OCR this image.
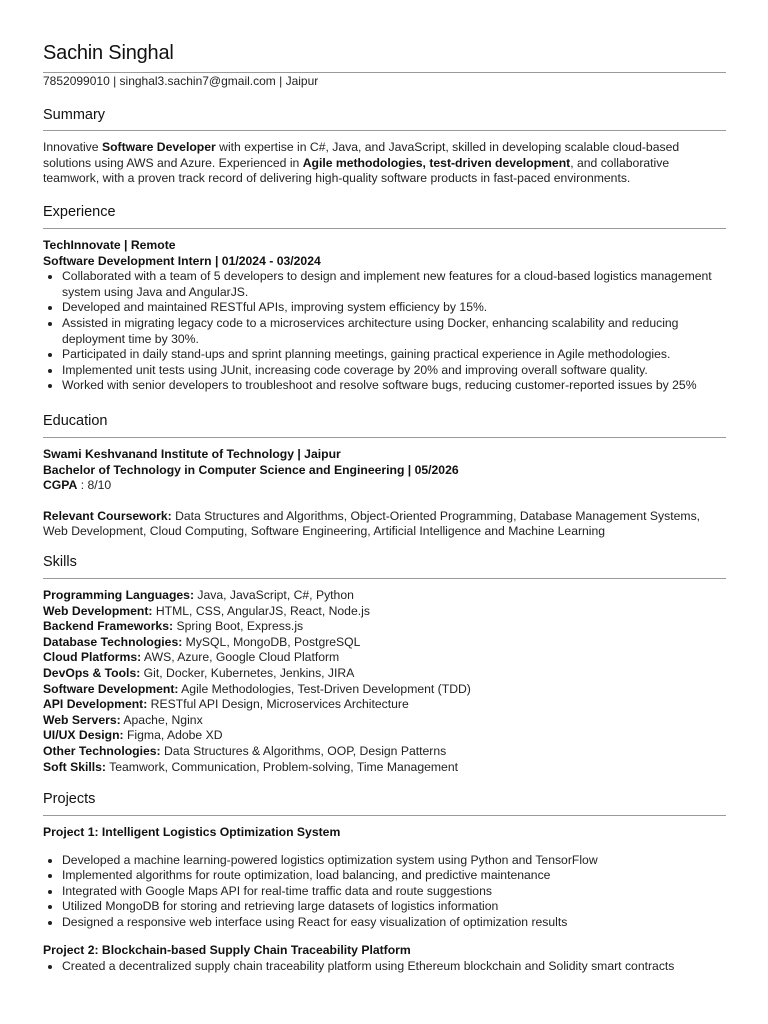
Sachin Singhal
7852099010 | singhal3.sachin7@gmail.com | Jaipur
Summary
Innovative Software Developer with expertise in C#, Java, and JavaScript, skilled in developing scalable cloud-based solutions using AWS and Azure. Experienced in Agile methodologies, test-driven development, and collaborative teamwork, with a proven track record of delivering high-quality software products in fast-paced environments.
Experience
TechInnovate | Remote
Software Development Intern | 01/2024 - 03/2024
• Collaborated with a team of 5 developers to design and implement new features for a cloud-based logistics management system using Java and AngularJS.
• Developed and maintained RESTful APIs, improving system efficiency by 15%.
• Assisted in migrating legacy code to a microservices architecture using Docker, enhancing scalability and reducing deployment time by 30%.
• Participated in daily stand-ups and sprint planning meetings, gaining practical experience in Agile methodologies.
• Implemented unit tests using JUnit, increasing code coverage by 20% and improving overall software quality.
• Worked with senior developers to troubleshoot and resolve software bugs, reducing customer-reported issues by 25%
Education
Swami Keshvanand Institute of Technology | Jaipur
Bachelor of Technology in Computer Science and Engineering | 05/2026
CGPA : 8/10
Relevant Coursework: Data Structures and Algorithms, Object-Oriented Programming, Database Management Systems, Web Development, Cloud Computing, Software Engineering, Artificial Intelligence and Machine Learning
Skills
Programming Languages: Java, JavaScript, C#, Python
Web Development: HTML, CSS, AngularJS, React, Node.js
Backend Frameworks: Spring Boot, Express.js
Database Technologies: MySQL, MongoDB, PostgreSQL
Cloud Platforms: AWS, Azure, Google Cloud Platform
DevOps & Tools: Git, Docker, Kubernetes, Jenkins, JIRA
Software Development: Agile Methodologies, Test-Driven Development (TDD)
API Development: RESTful API Design, Microservices Architecture
Web Servers: Apache, Nginx
UI/UX Design: Figma, Adobe XD
Other Technologies: Data Structures & Algorithms, OOP, Design Patterns
Soft Skills: Teamwork, Communication, Problem-solving, Time Management
Projects
Project 1: Intelligent Logistics Optimization System
• Developed a machine learning-powered logistics optimization system using Python and TensorFlow
• Implemented algorithms for route optimization, load balancing, and predictive maintenance
• Integrated with Google Maps API for real-time traffic data and route suggestions
• Utilized MongoDB for storing and retrieving large datasets of logistics information
• Designed a responsive web interface using React for easy visualization of optimization results
Project 2: Blockchain-based Supply Chain Traceability Platform
• Created a decentralized supply chain traceability platform using Ethereum blockchain and Solidity smart contracts
